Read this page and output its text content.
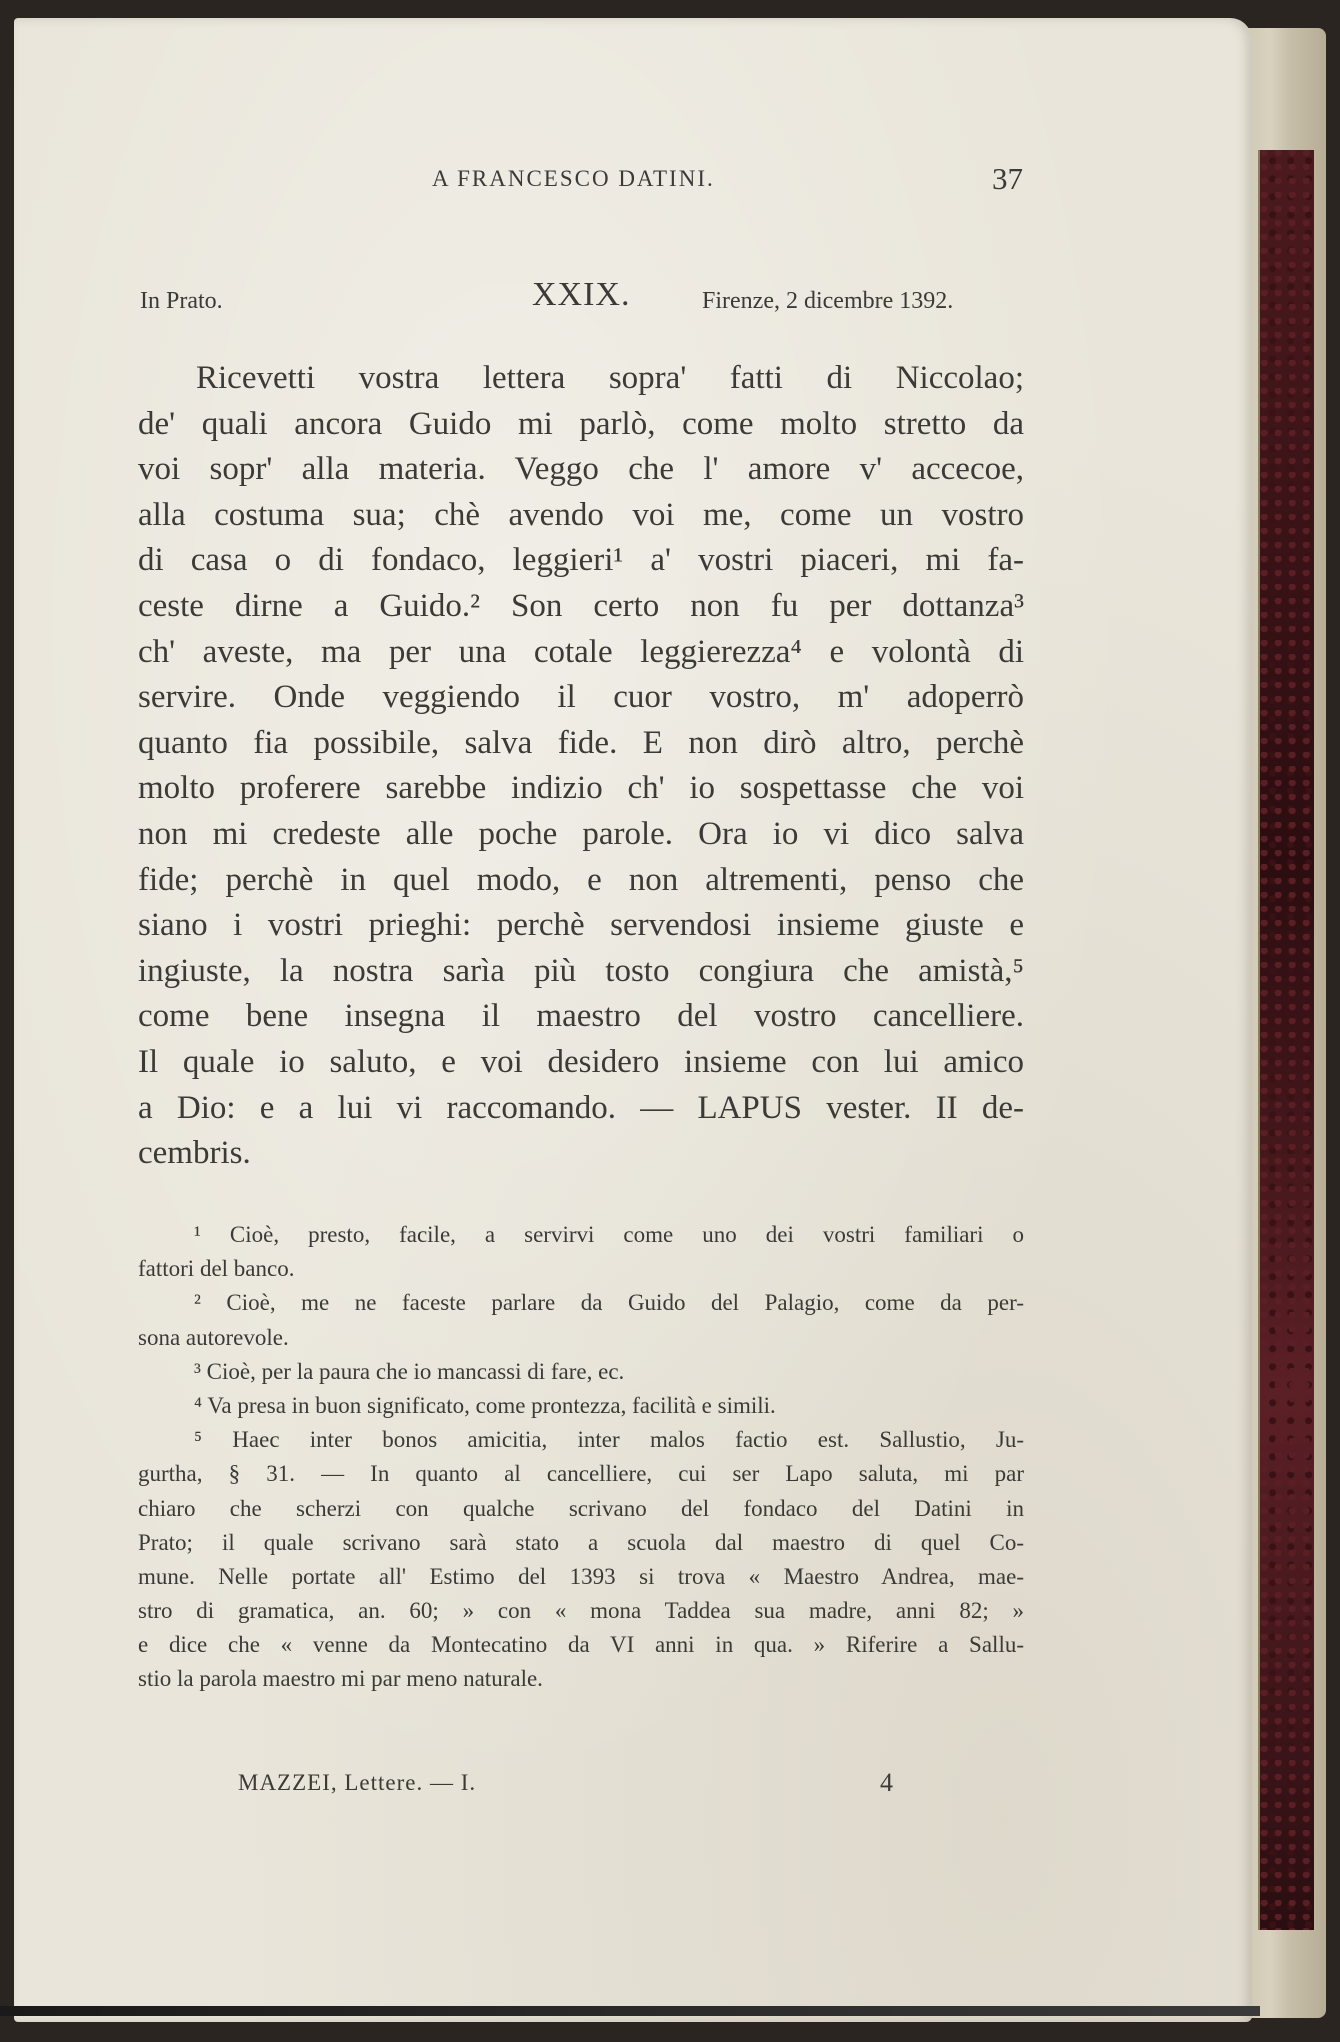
A FRANCESCO DATINI.	37
In Prato.	XXIX.	Firenze, 2 dicembre 1392.
Ricevetti vostra lettera sopra' fatti di Niccolao;
de' quali ancora Guido mi parlò, come molto stretto da
voi sopr' alla materia. Veggo che l' amore v' accecoe,
alla costuma sua; chè avendo voi me, come un vostro
di casa o di fondaco, leggieri¹ a' vostri piaceri, mi fa-
ceste dirne a Guido.² Son certo non fu per dottanza³
ch' aveste, ma per una cotale leggierezza⁴ e volontà di
servire. Onde veggiendo il cuor vostro, m' adoperrò
quanto fia possibile, salva fide. E non dirò altro, perchè
molto proferere sarebbe indizio ch' io sospettasse che voi
non mi credeste alle poche parole. Ora io vi dico salva
fide; perchè in quel modo, e non altrementi, penso che
siano i vostri prieghi: perchè servendosi insieme giuste e
ingiuste, la nostra sarìa più tosto congiura che amistà,⁵
come bene insegna il maestro del vostro cancelliere.
Il quale io saluto, e voi desidero insieme con lui amico
a Dio: e a lui vi raccomando. — LAPUS vester. II de-
cembris.
¹ Cioè, presto, facile, a servirvi come uno dei vostri familiari o
fattori del banco.
² Cioè, me ne faceste parlare da Guido del Palagio, come da per-
sona autorevole.
³ Cioè, per la paura che io mancassi di fare, ec.
⁴ Va presa in buon significato, come prontezza, facilità e simili.
⁵ Haec inter bonos amicitia, inter malos factio est. Sallustio, Ju-
gurtha, § 31. — In quanto al cancelliere, cui ser Lapo saluta, mi par
chiaro che scherzi con qualche scrivano del fondaco del Datini in
Prato; il quale scrivano sarà stato a scuola dal maestro di quel Co-
mune. Nelle portate all' Estimo del 1393 si trova « Maestro Andrea, mae-
stro di gramatica, an. 60; » con « mona Taddea sua madre, anni 82; »
e dice che « venne da Montecatino da VI anni in qua. » Riferire a Sallu-
stio la parola maestro mi par meno naturale.
MAZZEI, Lettere. — I.	4
